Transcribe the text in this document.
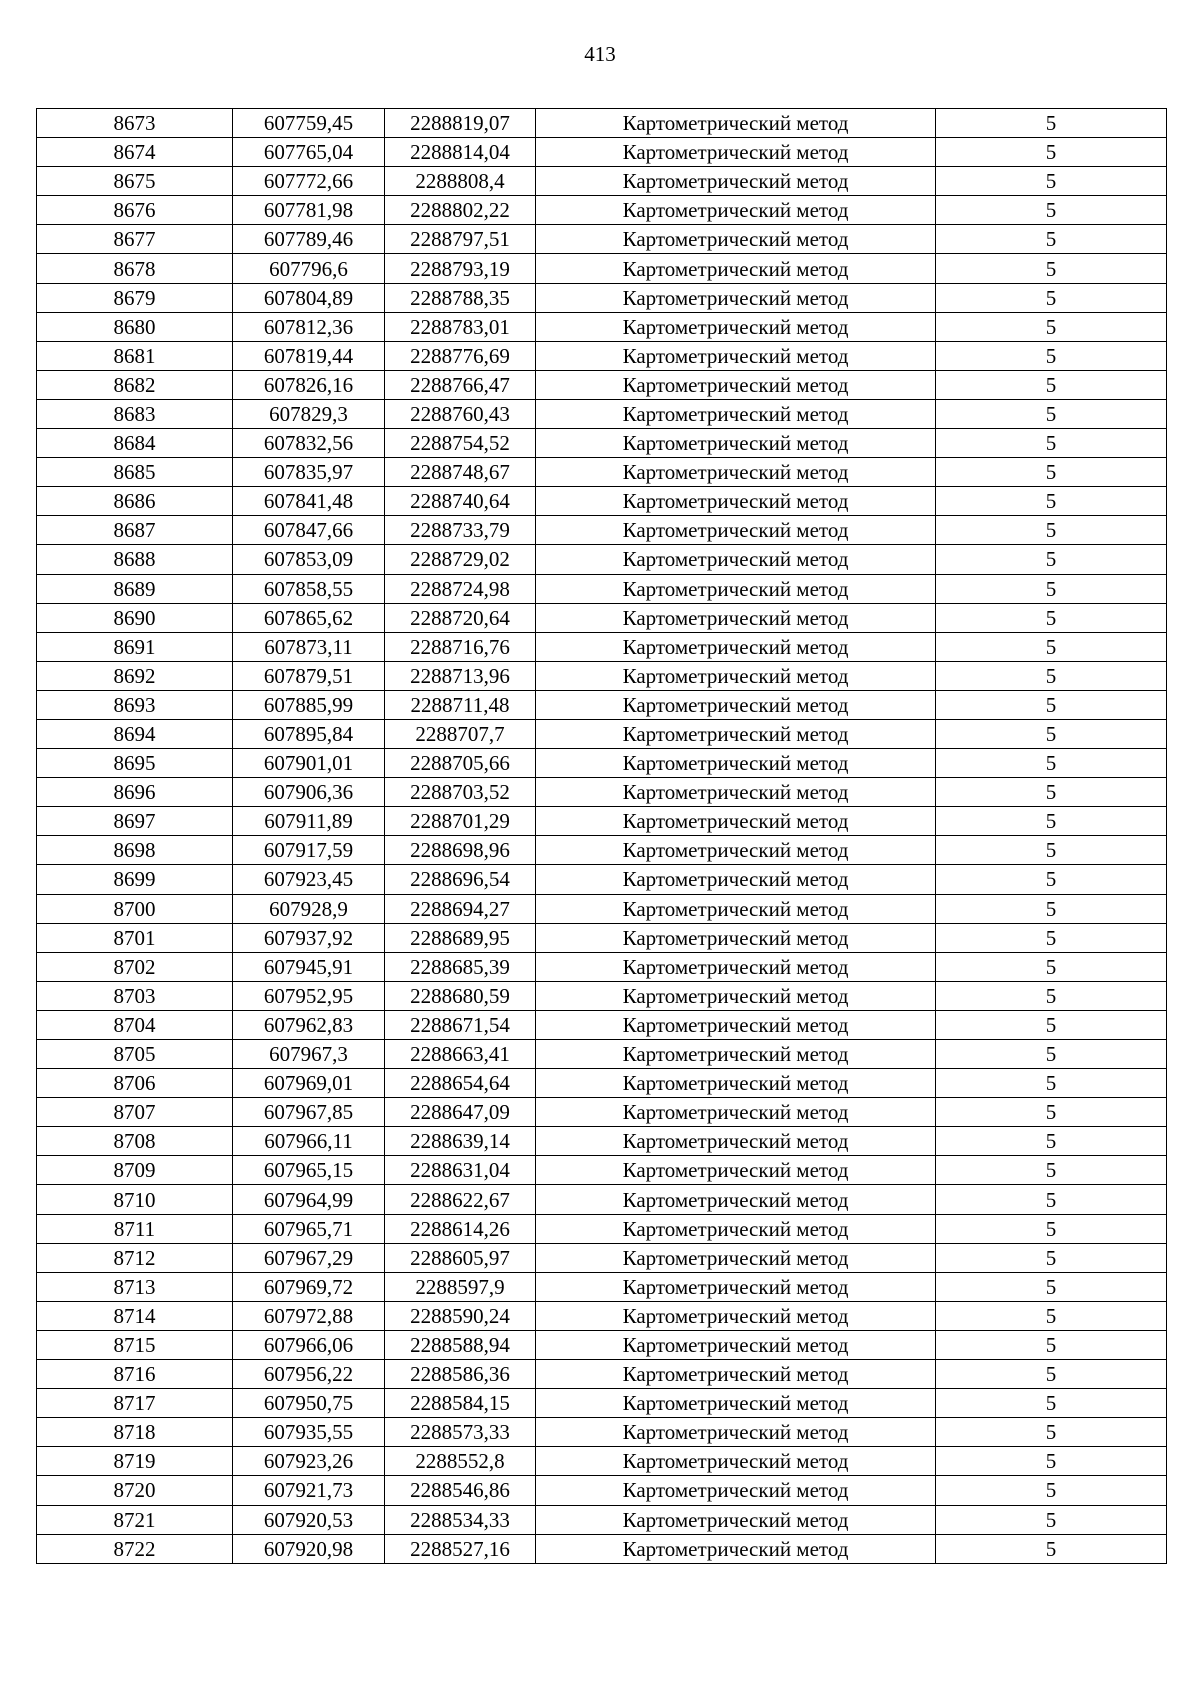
413
8673	607759,45	2288819,07	Картометрический метод	5
8674	607765,04	2288814,04	Картометрический метод	5
8675	607772,66	2288808,4	Картометрический метод	5
8676	607781,98	2288802,22	Картометрический метод	5
8677	607789,46	2288797,51	Картометрический метод	5
8678	607796,6	2288793,19	Картометрический метод	5
8679	607804,89	2288788,35	Картометрический метод	5
8680	607812,36	2288783,01	Картометрический метод	5
8681	607819,44	2288776,69	Картометрический метод	5
8682	607826,16	2288766,47	Картометрический метод	5
8683	607829,3	2288760,43	Картометрический метод	5
8684	607832,56	2288754,52	Картометрический метод	5
8685	607835,97	2288748,67	Картометрический метод	5
8686	607841,48	2288740,64	Картометрический метод	5
8687	607847,66	2288733,79	Картометрический метод	5
8688	607853,09	2288729,02	Картометрический метод	5
8689	607858,55	2288724,98	Картометрический метод	5
8690	607865,62	2288720,64	Картометрический метод	5
8691	607873,11	2288716,76	Картометрический метод	5
8692	607879,51	2288713,96	Картометрический метод	5
8693	607885,99	2288711,48	Картометрический метод	5
8694	607895,84	2288707,7	Картометрический метод	5
8695	607901,01	2288705,66	Картометрический метод	5
8696	607906,36	2288703,52	Картометрический метод	5
8697	607911,89	2288701,29	Картометрический метод	5
8698	607917,59	2288698,96	Картометрический метод	5
8699	607923,45	2288696,54	Картометрический метод	5
8700	607928,9	2288694,27	Картометрический метод	5
8701	607937,92	2288689,95	Картометрический метод	5
8702	607945,91	2288685,39	Картометрический метод	5
8703	607952,95	2288680,59	Картометрический метод	5
8704	607962,83	2288671,54	Картометрический метод	5
8705	607967,3	2288663,41	Картометрический метод	5
8706	607969,01	2288654,64	Картометрический метод	5
8707	607967,85	2288647,09	Картометрический метод	5
8708	607966,11	2288639,14	Картометрический метод	5
8709	607965,15	2288631,04	Картометрический метод	5
8710	607964,99	2288622,67	Картометрический метод	5
8711	607965,71	2288614,26	Картометрический метод	5
8712	607967,29	2288605,97	Картометрический метод	5
8713	607969,72	2288597,9	Картометрический метод	5
8714	607972,88	2288590,24	Картометрический метод	5
8715	607966,06	2288588,94	Картометрический метод	5
8716	607956,22	2288586,36	Картометрический метод	5
8717	607950,75	2288584,15	Картометрический метод	5
8718	607935,55	2288573,33	Картометрический метод	5
8719	607923,26	2288552,8	Картометрический метод	5
8720	607921,73	2288546,86	Картометрический метод	5
8721	607920,53	2288534,33	Картометрический метод	5
8722	607920,98	2288527,16	Картометрический метод	5
